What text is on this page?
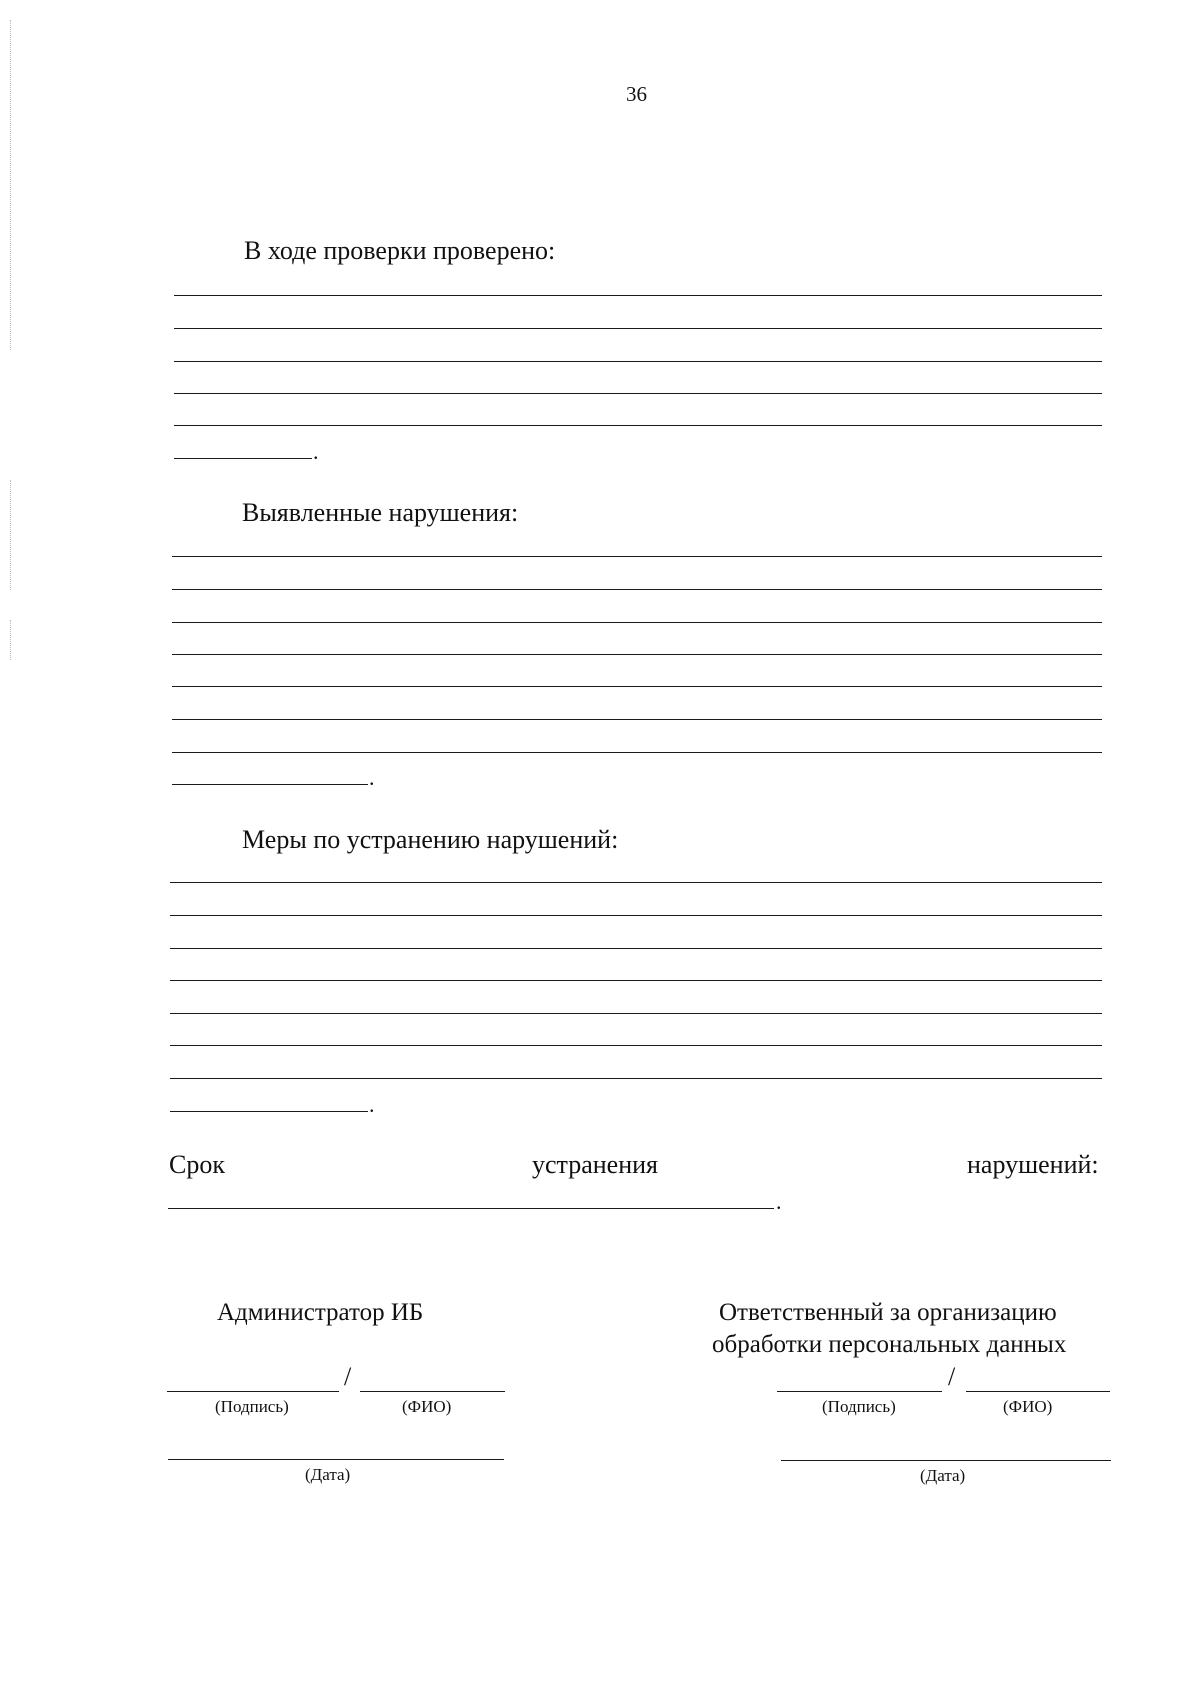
36
В ходе проверки проверено:
.
Выявленные нарушения:
.
Меры по устранению нарушений:
.
Срок	устранения	нарушений:
.
Администратор ИБ
/
(Подпись)	(ФИО)
(Дата)
Ответственный за организацию
обработки персональных данных
/
(Подпись)	(ФИО)
(Дата)
